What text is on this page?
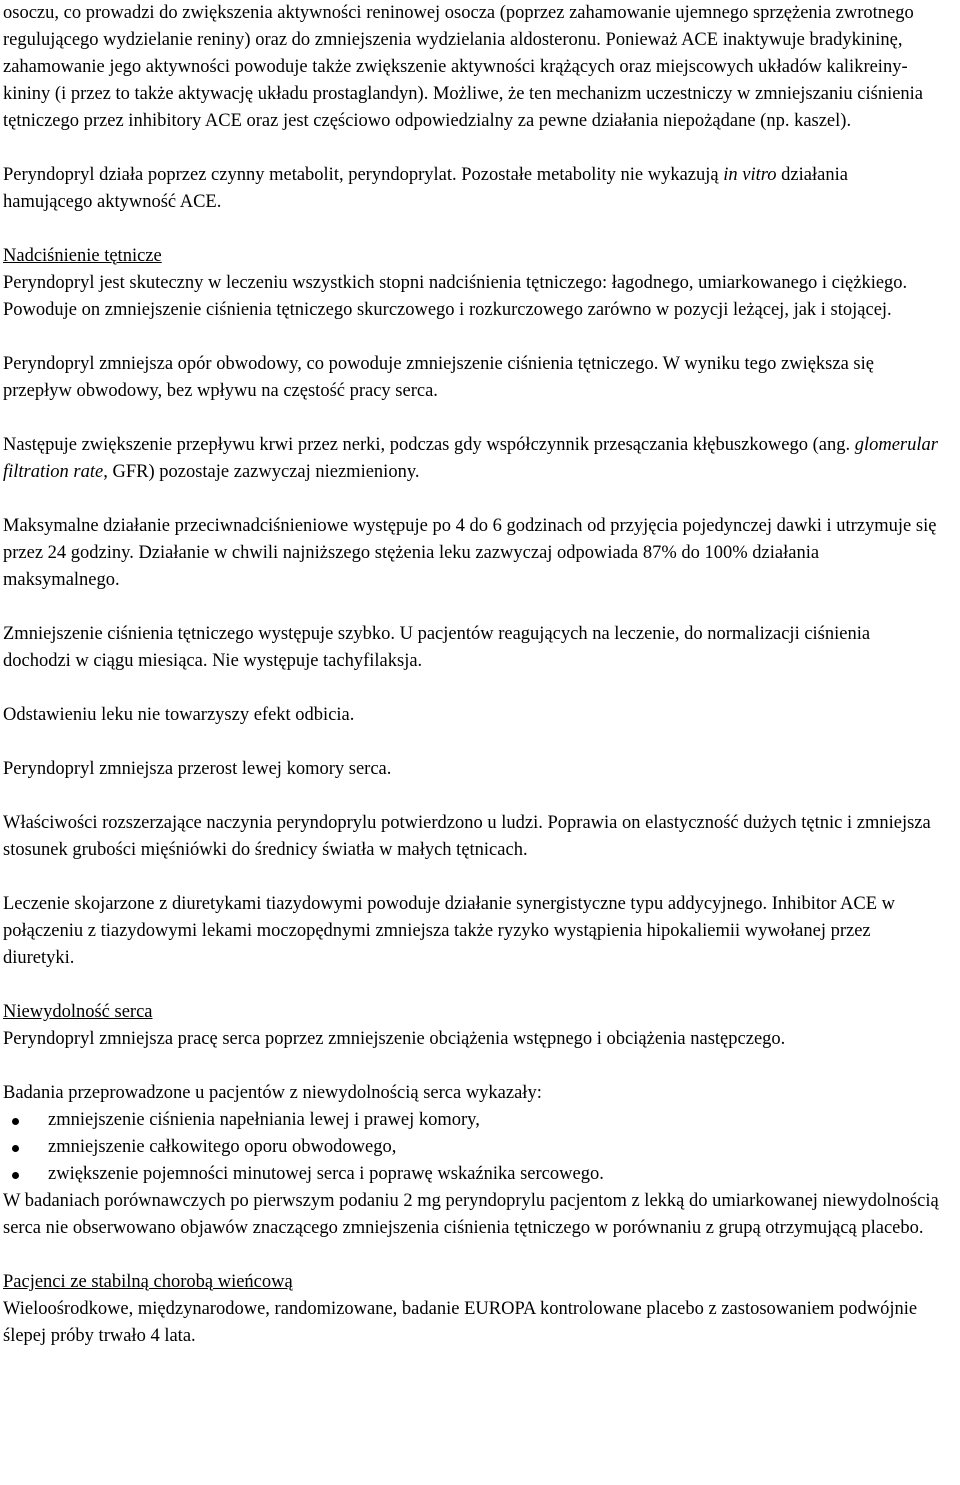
osoczu, co prowadzi do zwiększenia aktywności reninowej osocza (poprzez zahamowanie ujemnego sprzężenia zwrotnego regulującego wydzielanie reniny) oraz do zmniejszenia wydzielania aldosteronu. Ponieważ ACE inaktywuje bradykininę, zahamowanie jego aktywności powoduje także zwiększenie aktywności krążących oraz miejscowych układów kalikreiny-kininy (i przez to także aktywację układu prostaglandyn). Możliwe, że ten mechanizm uczestniczy w zmniejszaniu ciśnienia tętniczego przez inhibitory ACE oraz jest częściowo odpowiedzialny za pewne działania niepożądane (np. kaszel).

Peryndopryl działa poprzez czynny metabolit, peryndoprylat. Pozostałe metabolity nie wykazują in vitro działania hamującego aktywność ACE.

Nadciśnienie tętnicze

Peryndopryl jest skuteczny w leczeniu wszystkich stopni nadciśnienia tętniczego: łagodnego, umiarkowanego i ciężkiego. Powoduje on zmniejszenie ciśnienia tętniczego skurczowego i rozkurczowego zarówno w pozycji leżącej, jak i stojącej.

Peryndopryl zmniejsza opór obwodowy, co powoduje zmniejszenie ciśnienia tętniczego. W wyniku tego zwiększa się przepływ obwodowy, bez wpływu na częstość pracy serca.

Następuje zwiększenie przepływu krwi przez nerki, podczas gdy współczynnik przesączania kłębuszkowego (ang. glomerular filtration rate, GFR) pozostaje zazwyczaj niezmieniony.

Maksymalne działanie przeciwnadciśnieniowe występuje po 4 do 6 godzinach od przyjęcia pojedynczej dawki i utrzymuje się przez 24 godziny. Działanie w chwili najniższego stężenia leku zazwyczaj odpowiada 87% do 100% działania maksymalnego.

Zmniejszenie ciśnienia tętniczego występuje szybko. U pacjentów reagujących na leczenie, do normalizacji ciśnienia dochodzi w ciągu miesiąca. Nie występuje tachyfilaksja.

Odstawieniu leku nie towarzyszy efekt odbicia.

Peryndopryl zmniejsza przerost lewej komory serca.

Właściwości rozszerzające naczynia peryndoprylu potwierdzono u ludzi. Poprawia on elastyczność dużych tętnic i zmniejsza stosunek grubości mięśniówki do średnicy światła w małych tętnicach.

Leczenie skojarzone z diuretykami tiazydowymi powoduje działanie synergistyczne typu addycyjnego. Inhibitor ACE w połączeniu z tiazydowymi lekami moczopędnymi zmniejsza także ryzyko wystąpienia hipokaliemii wywołanej przez diuretyki.

Niewydolność serca

Peryndopryl zmniejsza pracę serca poprzez zmniejszenie obciążenia wstępnego i obciążenia następczego.

Badania przeprowadzone u pacjentów z niewydolnością serca wykazały:

zmniejszenie ciśnienia napełniania lewej i prawej komory,
zmniejszenie całkowitego oporu obwodowego,
zwiększenie pojemności minutowej serca i poprawę wskaźnika sercowego.

W badaniach porównawczych po pierwszym podaniu 2 mg peryndoprylu pacjentom z lekką do umiarkowanej niewydolnością serca nie obserwowano objawów znaczącego zmniejszenia ciśnienia tętniczego w porównaniu z grupą otrzymującą placebo.

Pacjenci ze stabilną chorobą wieńcową

Wieloośrodkowe, międzynarodowe, randomizowane, badanie EUROPA kontrolowane placebo z zastosowaniem podwójnie ślepej próby trwało 4 lata.
